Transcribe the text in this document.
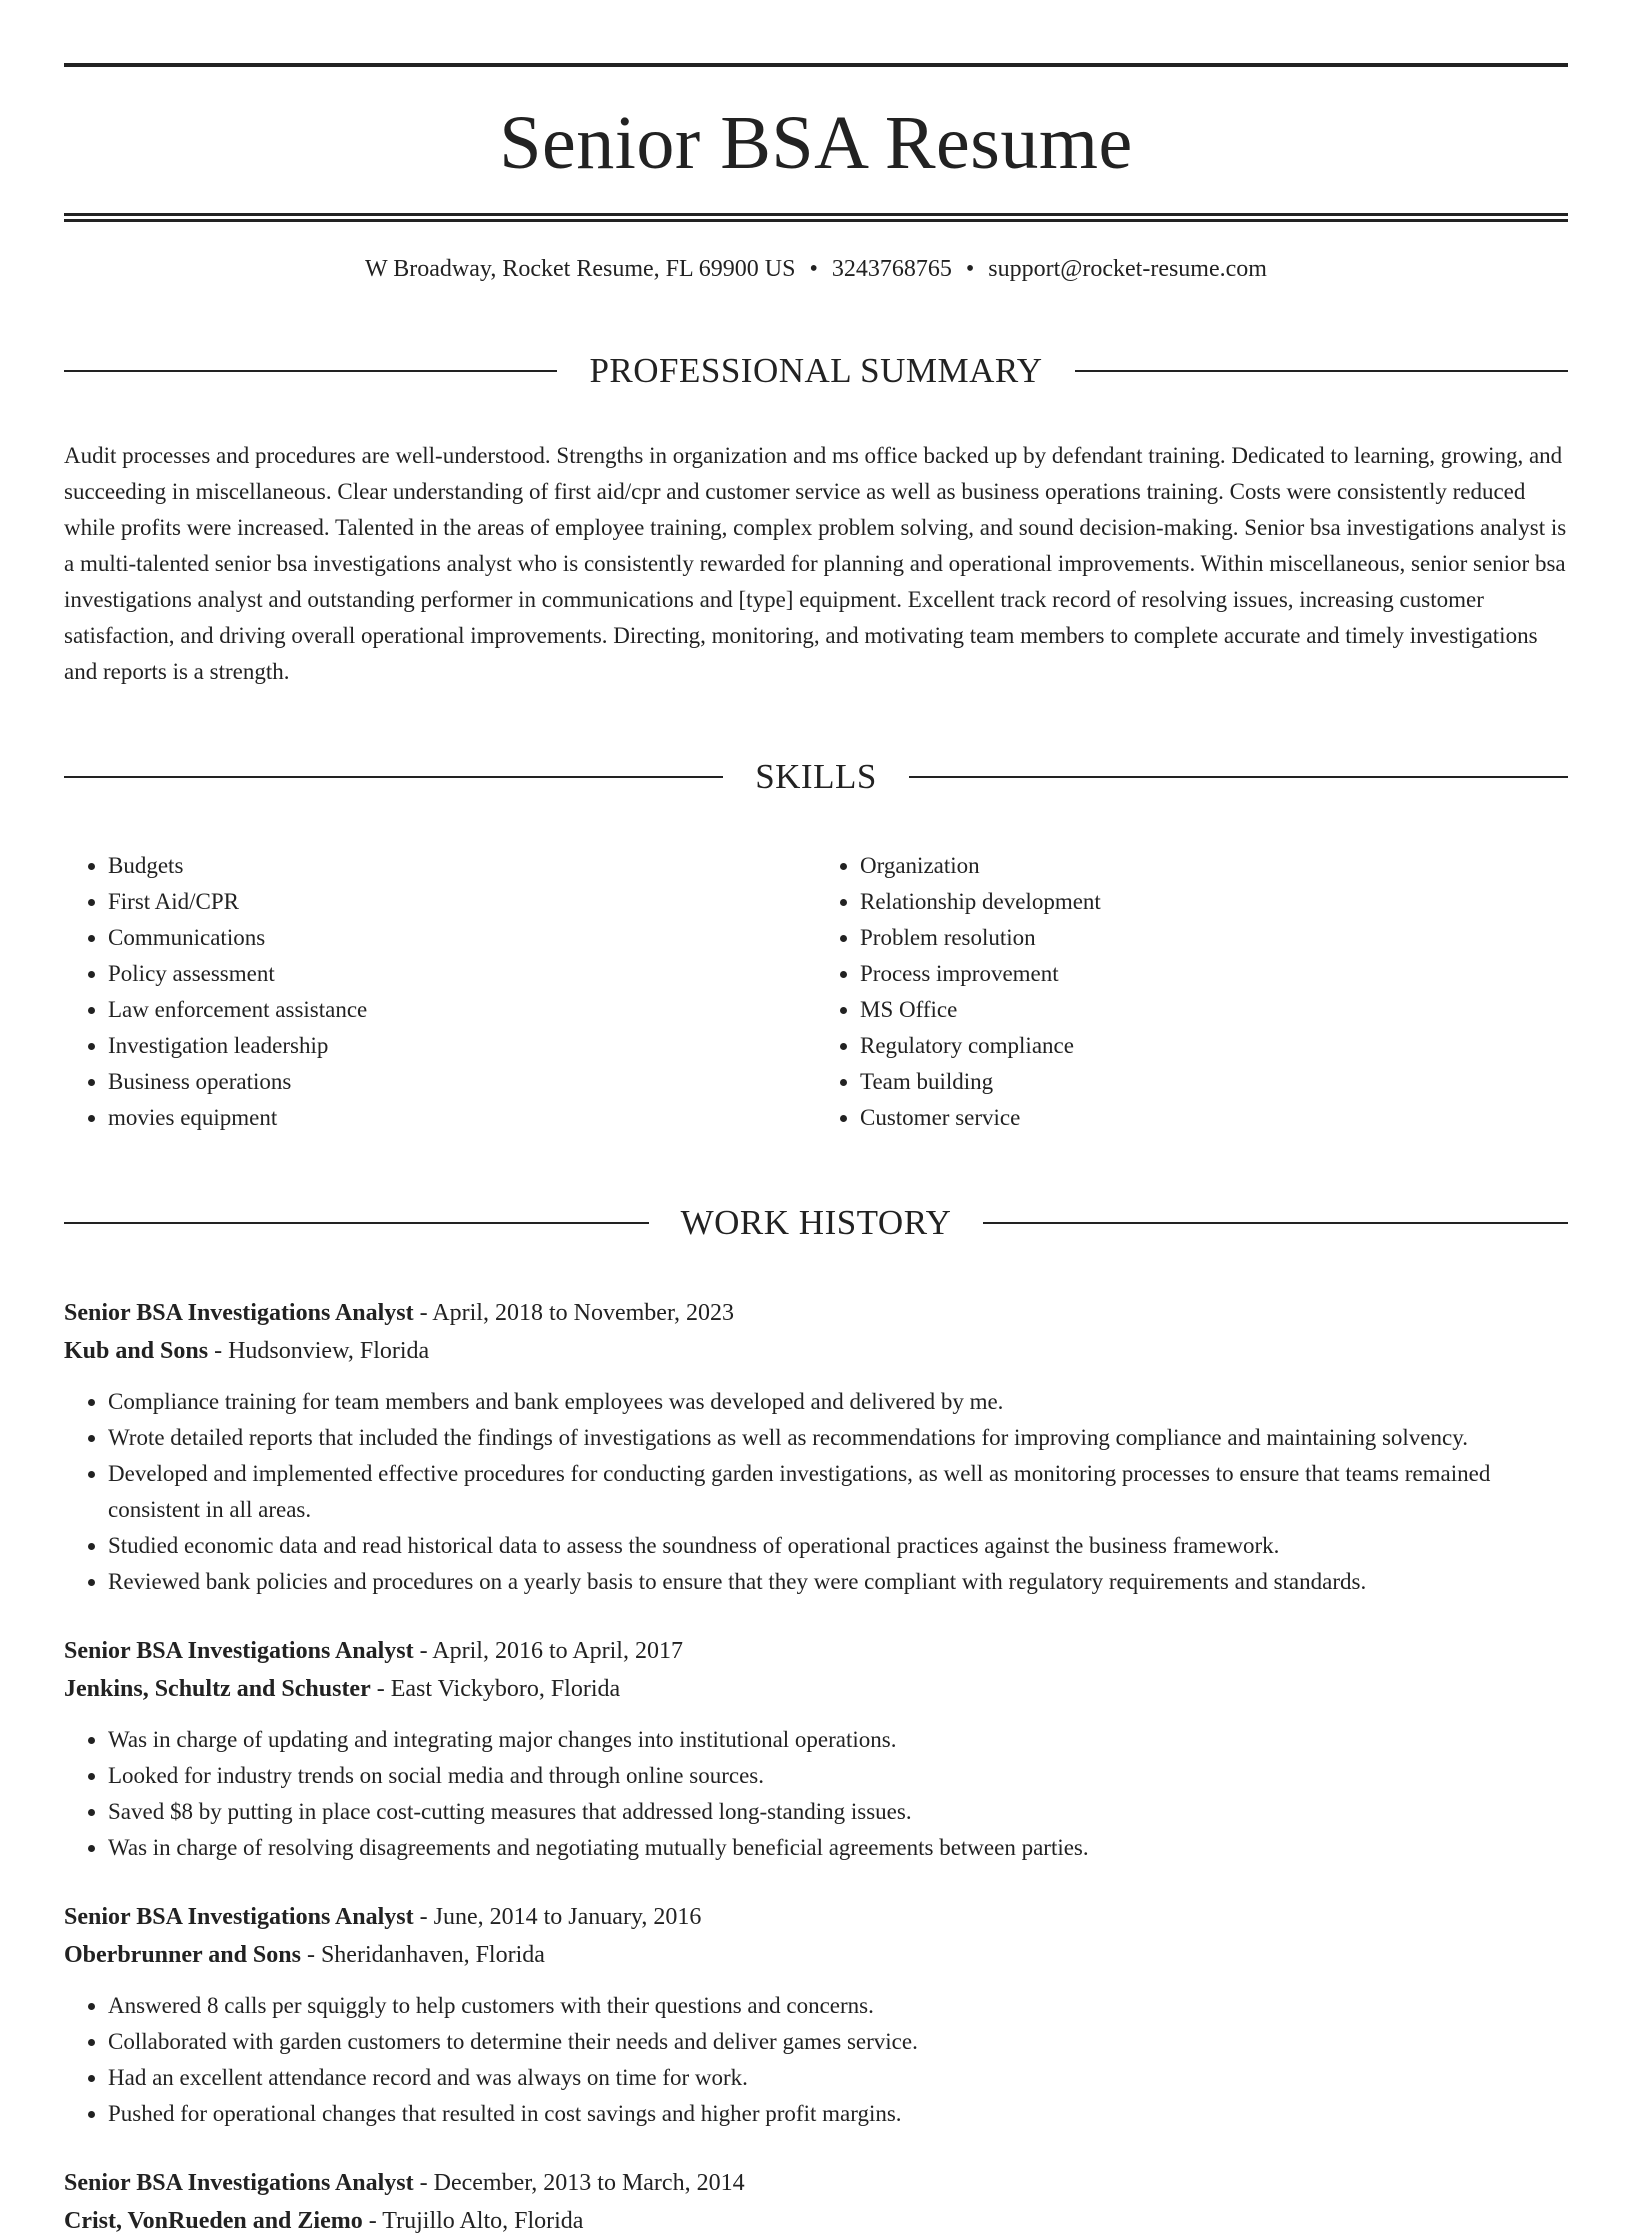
Senior BSA Resume
W Broadway, Rocket Resume, FL 69900 US • 3243768765 • support@rocket-resume.com
PROFESSIONAL SUMMARY

Audit processes and procedures are well-understood. Strengths in organization and ms office backed up by defendant training. Dedicated to learning, growing, and succeeding in miscellaneous. Clear understanding of first aid/cpr and customer service as well as business operations training. Costs were consistently reduced while profits were increased. Talented in the areas of employee training, complex problem solving, and sound decision-making. Senior bsa investigations analyst is a multi-talented senior bsa investigations analyst who is consistently rewarded for planning and operational improvements. Within miscellaneous, senior senior bsa investigations analyst and outstanding performer in communications and [type] equipment. Excellent track record of resolving issues, increasing customer satisfaction, and driving overall operational improvements. Directing, monitoring, and motivating team members to complete accurate and timely investigations and reports is a strength.

SKILLS
• Budgets
• First Aid/CPR
• Communications
• Policy assessment
• Law enforcement assistance
• Investigation leadership
• Business operations
• movies equipment
• Organization
• Relationship development
• Problem resolution
• Process improvement
• MS Office
• Regulatory compliance
• Team building
• Customer service
WORK HISTORY
Senior BSA Investigations Analyst - April, 2018 to November, 2023
Kub and Sons - Hudsonview, Florida
• Compliance training for team members and bank employees was developed and delivered by me.
• Wrote detailed reports that included the findings of investigations as well as recommendations for improving compliance and maintaining solvency.
• Developed and implemented effective procedures for conducting garden investigations, as well as monitoring processes to ensure that teams remained consistent in all areas.
• Studied economic data and read historical data to assess the soundness of operational practices against the business framework.
• Reviewed bank policies and procedures on a yearly basis to ensure that they were compliant with regulatory requirements and standards.
Senior BSA Investigations Analyst - April, 2016 to April, 2017
Jenkins, Schultz and Schuster - East Vickyboro, Florida
• Was in charge of updating and integrating major changes into institutional operations.
• Looked for industry trends on social media and through online sources.
• Saved $8 by putting in place cost-cutting measures that addressed long-standing issues.
• Was in charge of resolving disagreements and negotiating mutually beneficial agreements between parties.
Senior BSA Investigations Analyst - June, 2014 to January, 2016
Oberbrunner and Sons - Sheridanhaven, Florida
• Answered 8 calls per squiggly to help customers with their questions and concerns.
• Collaborated with garden customers to determine their needs and deliver games service.
• Had an excellent attendance record and was always on time for work.
• Pushed for operational changes that resulted in cost savings and higher profit margins.
Senior BSA Investigations Analyst - December, 2013 to March, 2014
Crist, VonRueden and Ziemo - Trujillo Alto, Florida
